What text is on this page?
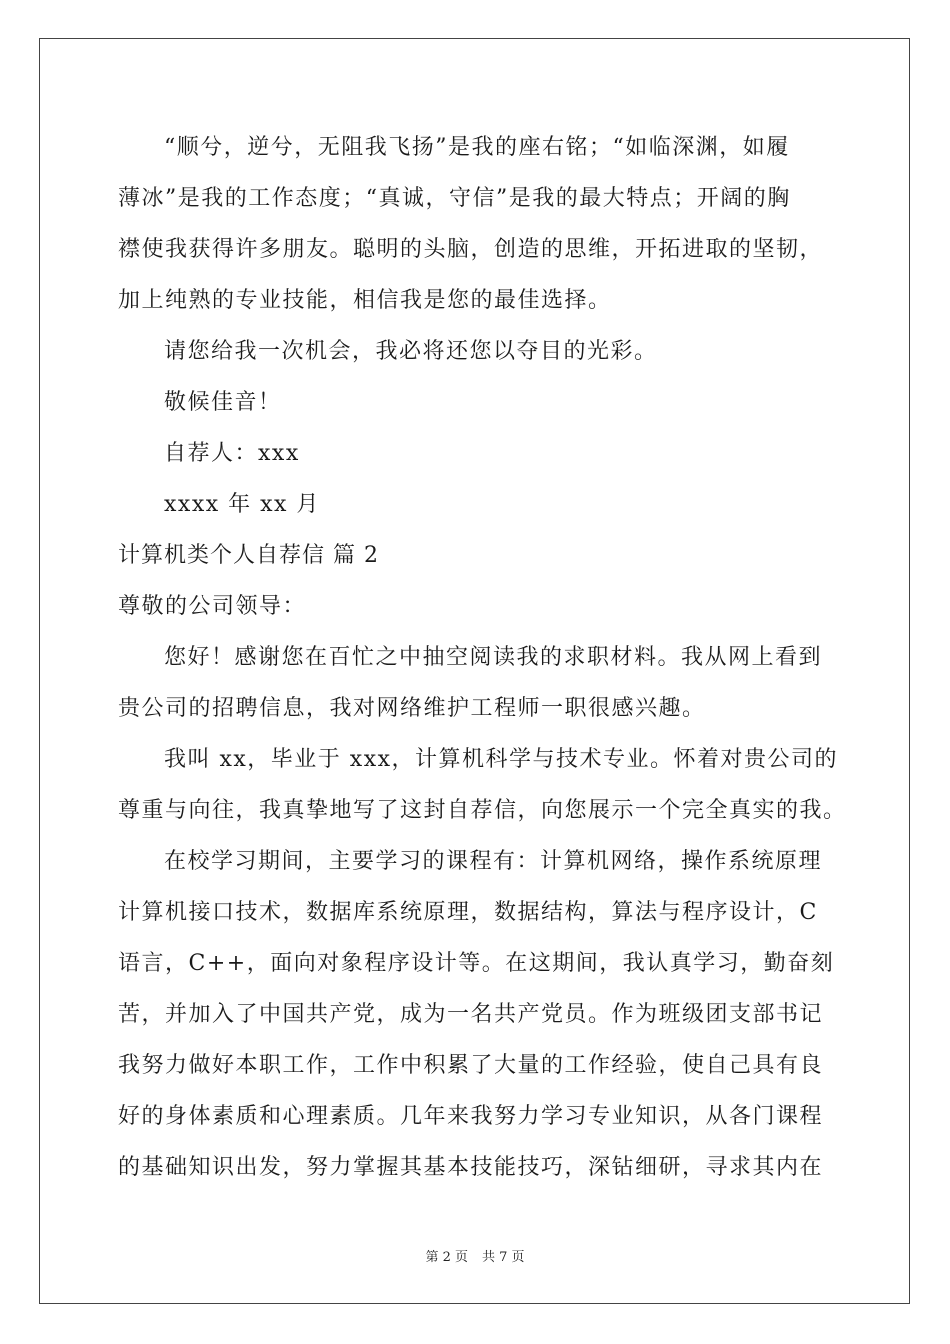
“顺兮，逆兮，无阻我飞扬”是我的座右铭；“如临深渊，如履
薄冰”是我的工作态度；“真诚，守信”是我的最大特点；开阔的胸
襟使我获得许多朋友。聪明的头脑，创造的思维，开拓进取的坚韧，
加上纯熟的专业技能，相信我是您的最佳选择。
请您给我一次机会，我必将还您以夺目的光彩。
敬候佳音！
自荐人：xxx
xxxx 年 xx 月
计算机类个人自荐信 篇 2
尊敬的公司领导：
您好！感谢您在百忙之中抽空阅读我的求职材料。我从网上看到
贵公司的招聘信息，我对网络维护工程师一职很感兴趣。
我叫 xx，毕业于 xxx，计算机科学与技术专业。怀着对贵公司的
尊重与向往，我真挚地写了这封自荐信，向您展示一个完全真实的我。
在校学习期间，主要学习的课程有：计算机网络，操作系统原理
计算机接口技术，数据库系统原理，数据结构，算法与程序设计，C
语言，C++，面向对象程序设计等。在这期间，我认真学习，勤奋刻
苦，并加入了中国共产党，成为一名共产党员。作为班级团支部书记
我努力做好本职工作，工作中积累了大量的工作经验，使自己具有良
好的身体素质和心理素质。几年来我努力学习专业知识，从各门课程
的基础知识出发，努力掌握其基本技能技巧，深钻细研，寻求其内在
第 2 页 共 7 页
